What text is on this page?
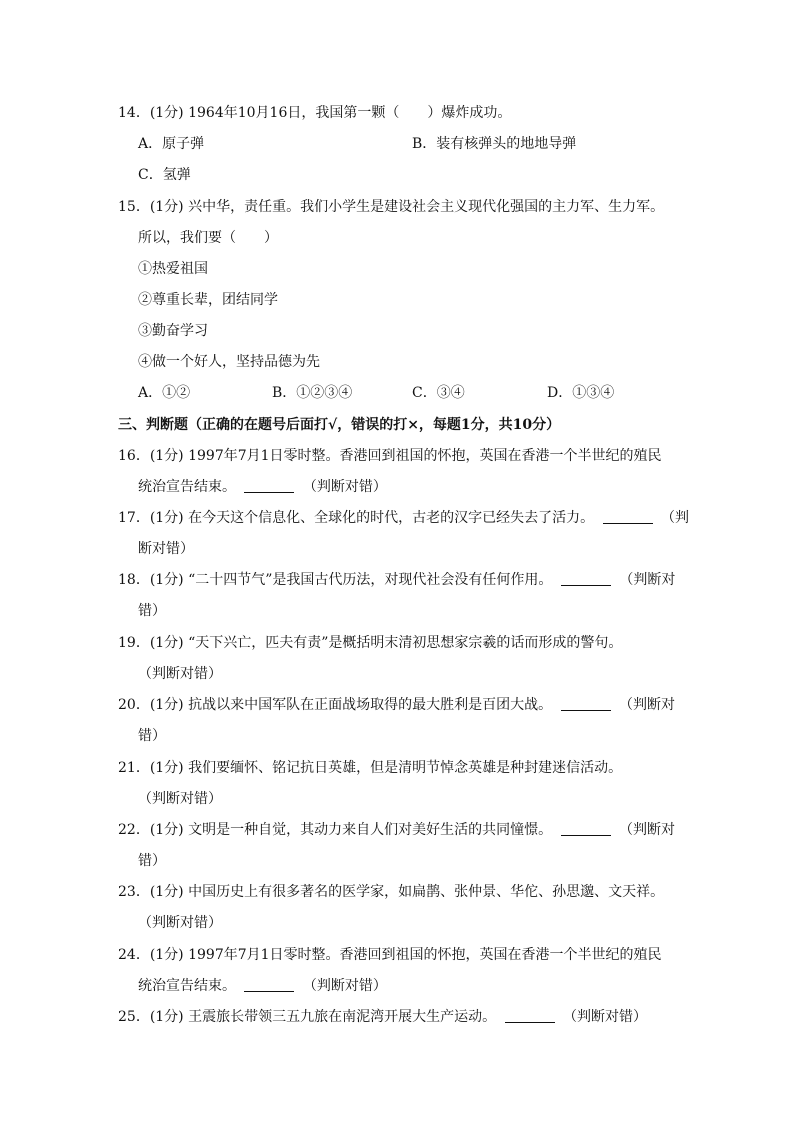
14．(1分) 1964年10月16日，我国第一颗（　　）爆炸成功。
A．原子弹	B．装有核弹头的地地导弹
C．氢弹
15．(1分) 兴中华，责任重。我们小学生是建设社会主义现代化强国的主力军、生力军。
所以，我们要（　　）
①热爱祖国
②尊重长辈，团结同学
③勤奋学习
④做一个好人，坚持品德为先
A．①②	B．①②③④	C．③④	D．①③④
三、判断题（正确的在题号后面打√，错误的打×，每题1分，共10分）
16．(1分) 1997年7月1日零时整。香港回到祖国的怀抱，英国在香港一个半世纪的殖民
统治宣告结束。	（判断对错）
17．(1分) 在今天这个信息化、全球化的时代，古老的汉字已经失去了活力。	（判
断对错）
18．(1分) “二十四节气”是我国古代历法，对现代社会没有任何作用。	（判断对
错）
19．(1分) “天下兴亡，匹夫有责”是概括明末清初思想家宗羲的话而形成的警句。
（判断对错）
20．(1分) 抗战以来中国军队在正面战场取得的最大胜利是百团大战。	（判断对
错）
21．(1分) 我们要缅怀、铭记抗日英雄，但是清明节悼念英雄是种封建迷信活动。
（判断对错）
22．(1分) 文明是一种自觉，其动力来自人们对美好生活的共同憧憬。	（判断对
错）
23．(1分) 中国历史上有很多著名的医学家，如扁鹊、张仲景、华佗、孙思邈、文天祥。
（判断对错）
24．(1分) 1997年7月1日零时整。香港回到祖国的怀抱，英国在香港一个半世纪的殖民
统治宣告结束。	（判断对错）
25．(1分) 王震旅长带领三五九旅在南泥湾开展大生产运动。	（判断对错）
